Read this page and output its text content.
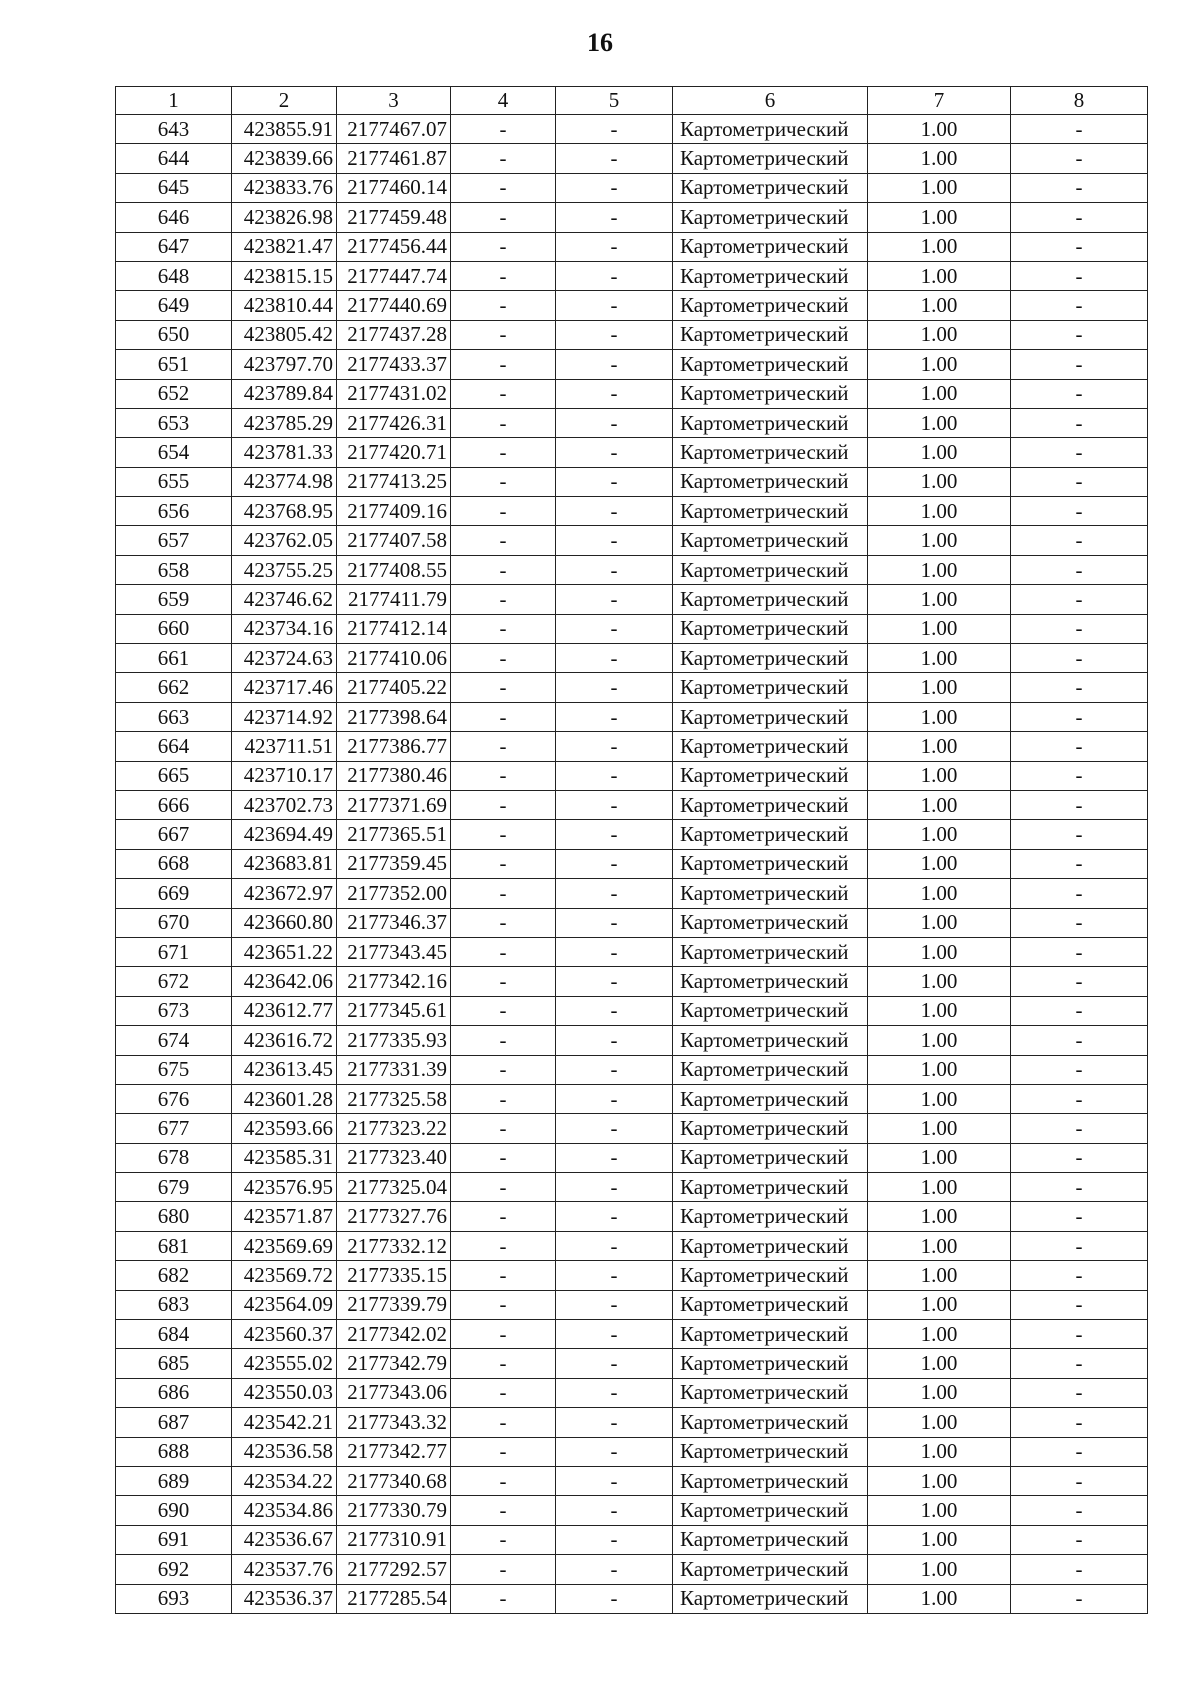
16
1	2	3	4	5	6	7	8
643	423855.91	2177467.07	-	-	Картометрический	1.00	-
644	423839.66	2177461.87	-	-	Картометрический	1.00	-
645	423833.76	2177460.14	-	-	Картометрический	1.00	-
646	423826.98	2177459.48	-	-	Картометрический	1.00	-
647	423821.47	2177456.44	-	-	Картометрический	1.00	-
648	423815.15	2177447.74	-	-	Картометрический	1.00	-
649	423810.44	2177440.69	-	-	Картометрический	1.00	-
650	423805.42	2177437.28	-	-	Картометрический	1.00	-
651	423797.70	2177433.37	-	-	Картометрический	1.00	-
652	423789.84	2177431.02	-	-	Картометрический	1.00	-
653	423785.29	2177426.31	-	-	Картометрический	1.00	-
654	423781.33	2177420.71	-	-	Картометрический	1.00	-
655	423774.98	2177413.25	-	-	Картометрический	1.00	-
656	423768.95	2177409.16	-	-	Картометрический	1.00	-
657	423762.05	2177407.58	-	-	Картометрический	1.00	-
658	423755.25	2177408.55	-	-	Картометрический	1.00	-
659	423746.62	2177411.79	-	-	Картометрический	1.00	-
660	423734.16	2177412.14	-	-	Картометрический	1.00	-
661	423724.63	2177410.06	-	-	Картометрический	1.00	-
662	423717.46	2177405.22	-	-	Картометрический	1.00	-
663	423714.92	2177398.64	-	-	Картометрический	1.00	-
664	423711.51	2177386.77	-	-	Картометрический	1.00	-
665	423710.17	2177380.46	-	-	Картометрический	1.00	-
666	423702.73	2177371.69	-	-	Картометрический	1.00	-
667	423694.49	2177365.51	-	-	Картометрический	1.00	-
668	423683.81	2177359.45	-	-	Картометрический	1.00	-
669	423672.97	2177352.00	-	-	Картометрический	1.00	-
670	423660.80	2177346.37	-	-	Картометрический	1.00	-
671	423651.22	2177343.45	-	-	Картометрический	1.00	-
672	423642.06	2177342.16	-	-	Картометрический	1.00	-
673	423612.77	2177345.61	-	-	Картометрический	1.00	-
674	423616.72	2177335.93	-	-	Картометрический	1.00	-
675	423613.45	2177331.39	-	-	Картометрический	1.00	-
676	423601.28	2177325.58	-	-	Картометрический	1.00	-
677	423593.66	2177323.22	-	-	Картометрический	1.00	-
678	423585.31	2177323.40	-	-	Картометрический	1.00	-
679	423576.95	2177325.04	-	-	Картометрический	1.00	-
680	423571.87	2177327.76	-	-	Картометрический	1.00	-
681	423569.69	2177332.12	-	-	Картометрический	1.00	-
682	423569.72	2177335.15	-	-	Картометрический	1.00	-
683	423564.09	2177339.79	-	-	Картометрический	1.00	-
684	423560.37	2177342.02	-	-	Картометрический	1.00	-
685	423555.02	2177342.79	-	-	Картометрический	1.00	-
686	423550.03	2177343.06	-	-	Картометрический	1.00	-
687	423542.21	2177343.32	-	-	Картометрический	1.00	-
688	423536.58	2177342.77	-	-	Картометрический	1.00	-
689	423534.22	2177340.68	-	-	Картометрический	1.00	-
690	423534.86	2177330.79	-	-	Картометрический	1.00	-
691	423536.67	2177310.91	-	-	Картометрический	1.00	-
692	423537.76	2177292.57	-	-	Картометрический	1.00	-
693	423536.37	2177285.54	-	-	Картометрический	1.00	-
